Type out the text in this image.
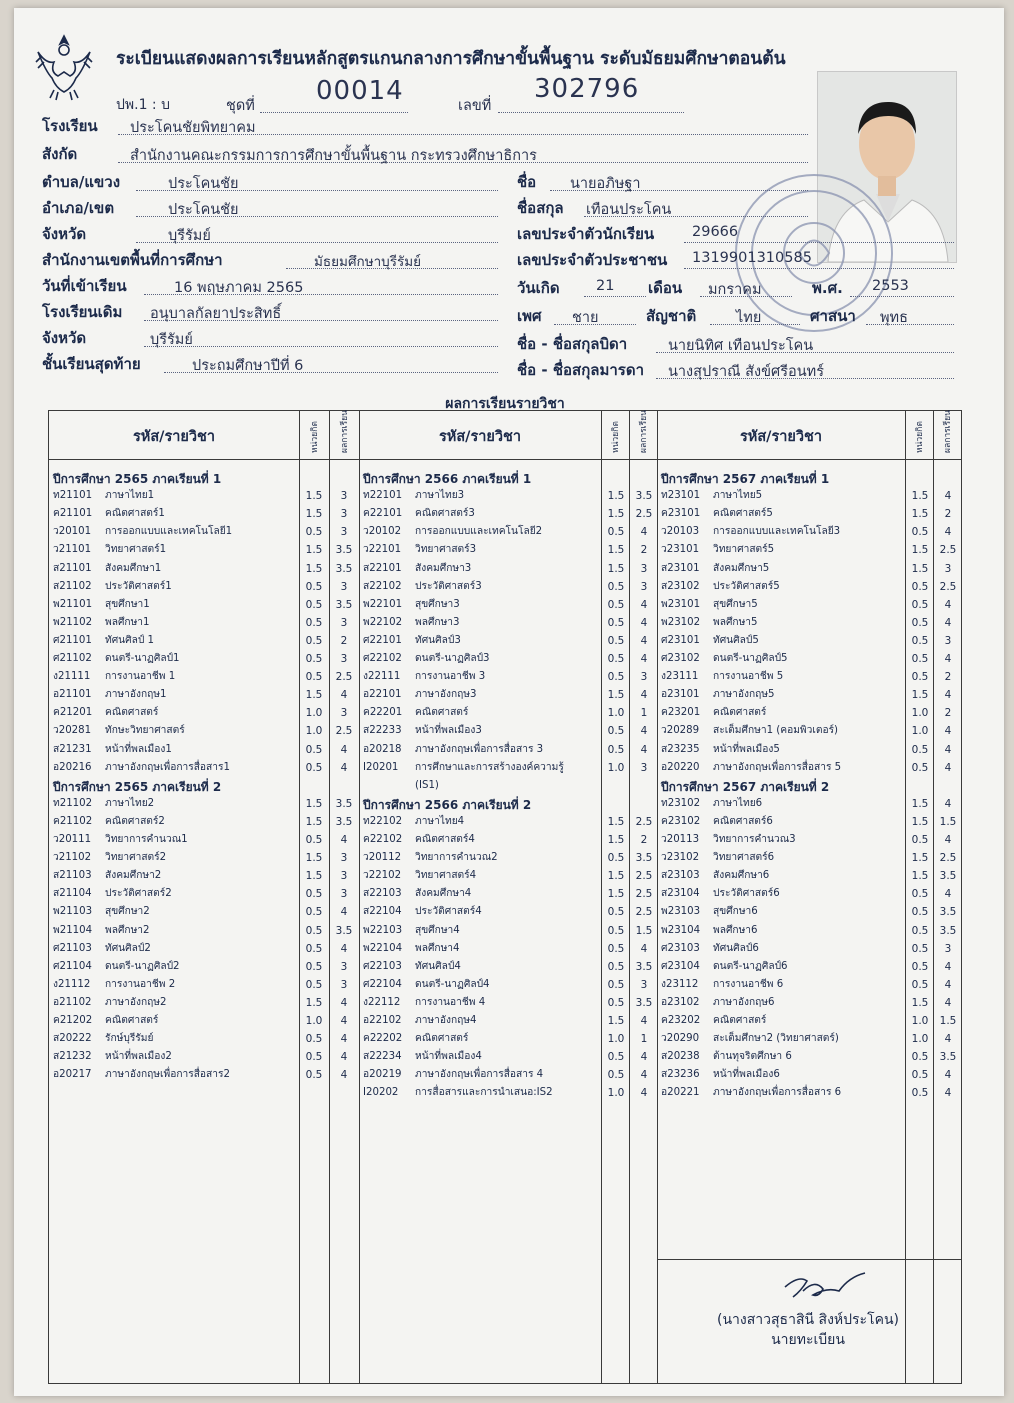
ระเบียนแสดงผลการเรียนหลักสูตรแกนกลางการศึกษาขั้นพื้นฐาน ระดับมัธยมศึกษาตอนต้น
ปพ.1 : บ	ชุดที่ 00014	เลขที่
302796
โรงเรียน ประโคนชัยพิทยาคม
สังกัด	สำนักงานคณะกรรมการการศึกษาขั้นพื้นฐาน กระทรวงศึกษาธิการ
ตำบล/แขวง	ประโคนชัย
อำเภอ/เขต	ประโคนชัย
จังหวัด	บุรีรัมย์
สำนักงานเขตพื้นที่การศึกษา	มัธยมศึกษาบุรีรัมย์
วันที่เข้าเรียน	16 พฤษภาคม 2565
โรงเรียนเดิม อนุบาลกัลยาประสิทธิ์
จังหวัด	บุรีรัมย์
ชั้นเรียนสุดท้าย	ประถมศึกษาปีที่ 6
ชื่อ นายอภิษฐา
ชื่อสกุล เทือนประโคน
เลขประจำตัวนักเรียน	29666
เลขประจำตัวประชาชน 1319901310585
วันเกิด	21 เดือน มกราคม	พ.ศ. 2553
เพศ ชาย	สัญชาติ	ไทย	ศาสนา พุทธ
ชื่อ - ชื่อสกุลบิดา	นายนิทิศ เทือนประโคน
ชื่อ - ชื่อสกุลมารดา นางสุปราณี สังข์ศรีอนทร์
ผลการเรียนรายวิชา
รหัส/รายวิชา	รหัส/รายวิชา	รหัส/รายวิชา
หน่วยกิต	ผลการเรียน	หน่วยกิต	ผลการเรียน	หน่วยกิต	ผลการเรียน
ปีการศึกษา 2565 ภาคเรียนที่ 1
ท21101 ภาษาไทย1	1.5	3
ค21101 คณิตศาสตร์1	1.5	3
ว20101 การออกแบบและเทคโนโลยี1	0.5	3
ว21101 วิทยาศาสตร์1	1.5	3.5
ส21101 สังคมศึกษา1	1.5	3.5
ส21102 ประวัติศาสตร์1	0.5	3
พ21101 สุขศึกษา1	0.5	3.5
พ21102 พลศึกษา1	0.5	3
ศ21101 ทัศนศิลป์ 1	0.5	2
ศ21102 ดนตรี-นาฏศิลป์1	0.5	3
ง21111 การงานอาชีพ 1	0.5	2.5
อ21101 ภาษาอังกฤษ1	1.5	4
ค21201 คณิตศาสตร์	1.0	3
ว20281 ทักษะวิทยาศาสตร์	1.0	2.5
ส21231 หน้าที่พลเมือง1	0.5	4
อ20216 ภาษาอังกฤษเพื่อการสื่อสาร1	0.5	4
ปีการศึกษา 2565 ภาคเรียนที่ 2
ท21102 ภาษาไทย2	1.5	3.5
ค21102 คณิตศาสตร์2	1.5	3.5
ว20111 วิทยาการคำนวณ1	0.5	4
ว21102 วิทยาศาสตร์2	1.5	3
ส21103 สังคมศึกษา2	1.5	3
ส21104 ประวัติศาสตร์2	0.5	3
พ21103 สุขศึกษา2	0.5	4
พ21104 พลศึกษา2	0.5	3.5
ศ21103 ทัศนศิลป์2	0.5	4
ศ21104 ดนตรี-นาฏศิลป์2	0.5	3
ง21112 การงานอาชีพ 2	0.5	3
อ21102 ภาษาอังกฤษ2	1.5	4
ค21202 คณิตศาสตร์	1.0	4
ส20222 รักษ์บุรีรัมย์	0.5	4
ส21232 หน้าที่พลเมือง2	0.5	4
อ20217 ภาษาอังกฤษเพื่อการสื่อสาร2	0.5	4
ปีการศึกษา 2566 ภาคเรียนที่ 1
ท22101 ภาษาไทย3	1.5	3.5
ค22101 คณิตศาสตร์3	1.5	2.5
ว20102 การออกแบบและเทคโนโลยี2	0.5	4
ว22101 วิทยาศาสตร์3	1.5	2
ส22101 สังคมศึกษา3	1.5	3
ส22102 ประวัติศาสตร์3	0.5	3
พ22101 สุขศึกษา3	0.5	4
พ22102 พลศึกษา3	0.5	4
ศ22101 ทัศนศิลป์3	0.5	4
ศ22102 ดนตรี-นาฏศิลป์3	0.5	4
ง22111 การงานอาชีพ 3	0.5	3
อ22101 ภาษาอังกฤษ3	1.5	4
ค22201 คณิตศาสตร์	1.0	1
ส22233 หน้าที่พลเมือง3	0.5	4
อ20218 ภาษาอังกฤษเพื่อการสื่อสาร 3	0.5	4
I20201 การศึกษาและการสร้างองค์ความรู้	1.0	3
(IS1)
ปีการศึกษา 2566 ภาคเรียนที่ 2
ท22102 ภาษาไทย4	1.5	2.5
ค22102 คณิตศาสตร์4	1.5	2
ว20112 วิทยาการคำนวณ2	0.5	3.5
ว22102 วิทยาศาสตร์4	1.5	2.5
ส22103 สังคมศึกษา4	1.5	2.5
ส22104 ประวัติศาสตร์4	0.5	2.5
พ22103 สุขศึกษา4	0.5	1.5
พ22104 พลศึกษา4	0.5	4
ศ22103 ทัศนศิลป์4	0.5	3.5
ศ22104 ดนตรี-นาฏศิลป์4	0.5	3
ง22112 การงานอาชีพ 4	0.5	3.5
อ22102 ภาษาอังกฤษ4	1.5	4
ค22202 คณิตศาสตร์	1.0	1
ส22234 หน้าที่พลเมือง4	0.5	4
อ20219 ภาษาอังกฤษเพื่อการสื่อสาร 4	0.5	4
I20202 การสื่อสารและการนำเสนอ:IS2	1.0	4
ปีการศึกษา 2567 ภาคเรียนที่ 1
ท23101 ภาษาไทย5	1.5	4
ค23101 คณิตศาสตร์5	1.5	2
ว20103 การออกแบบและเทคโนโลยี3	0.5	4
ว23101 วิทยาศาสตร์5	1.5	2.5
ส23101 สังคมศึกษา5	1.5	3
ส23102 ประวัติศาสตร์5	0.5	2.5
พ23101 สุขศึกษา5	0.5	4
พ23102 พลศึกษา5	0.5	4
ศ23101 ทัศนศิลป์5	0.5	3
ศ23102 ดนตรี-นาฏศิลป์5	0.5	4
ง23111 การงานอาชีพ 5	0.5	2
อ23101 ภาษาอังกฤษ5	1.5	4
ค23201 คณิตศาสตร์	1.0	2
ว20289 สะเต็มศึกษา1 (คอมพิวเตอร์)	1.0	4
ส23235 หน้าที่พลเมือง5	0.5	4
อ20220 ภาษาอังกฤษเพื่อการสื่อสาร 5	0.5	4
ปีการศึกษา 2567 ภาคเรียนที่ 2
ท23102 ภาษาไทย6	1.5	4
ค23102 คณิตศาสตร์6	1.5	1.5
ว20113 วิทยาการคำนวณ3	0.5	4
ว23102 วิทยาศาสตร์6	1.5	2.5
ส23103 สังคมศึกษา6	1.5	3.5
ส23104 ประวัติศาสตร์6	0.5	4
พ23103 สุขศึกษา6	0.5	3.5
พ23104 พลศึกษา6	0.5	3.5
ศ23103 ทัศนศิลป์6	0.5	3
ศ23104 ดนตรี-นาฏศิลป์6	0.5	4
ง23112 การงานอาชีพ 6	0.5	4
อ23102 ภาษาอังกฤษ6	1.5	4
ค23202 คณิตศาสตร์	1.0	1.5
ว20290 สะเต็มศึกษา2 (วิทยาศาสตร์)	1.0	4
ส20238 ต้านทุจริตศึกษา 6	0.5	3.5
ส23236 หน้าที่พลเมือง6	0.5	4
อ20221 ภาษาอังกฤษเพื่อการสื่อสาร 6	0.5	4
(นางสาวสุธาสินี สิงห์ประโคน)
นายทะเบียน
